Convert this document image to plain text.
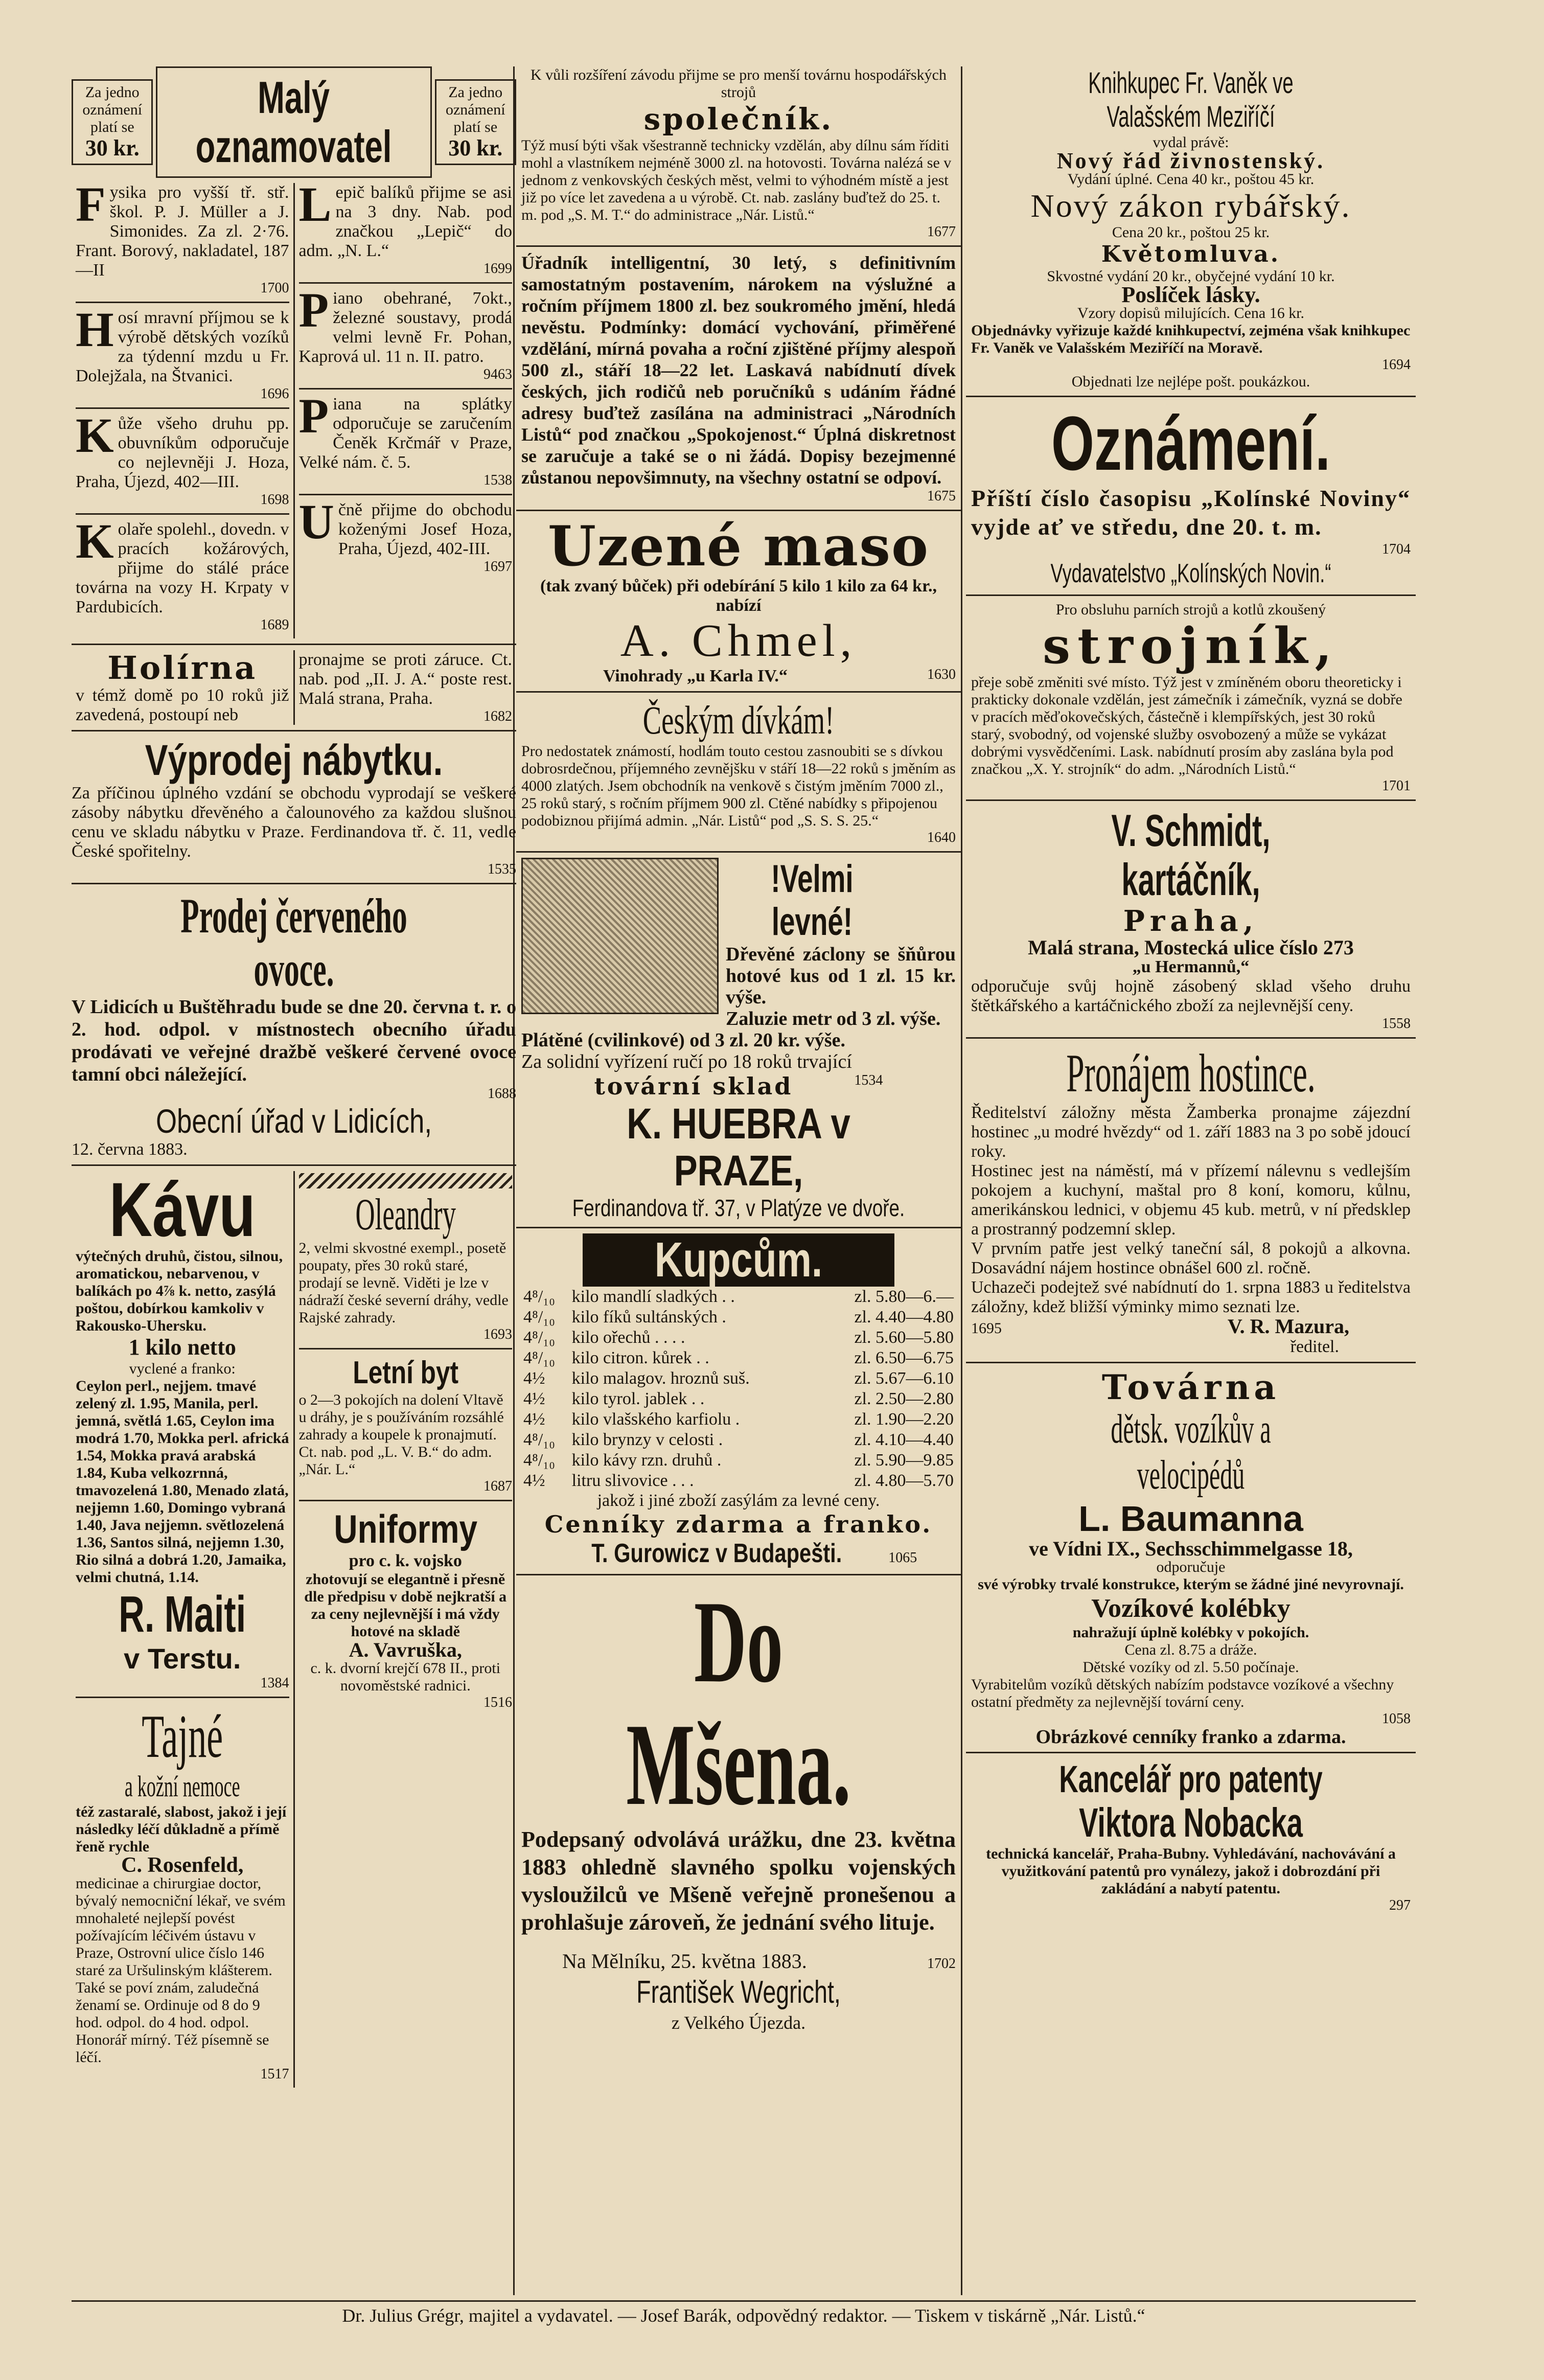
Za jedno oznámení platí se
30 kr.
Malý oznamovatel
Za jedno oznámení platí se
30 kr.
F ysika pro vyšší tř. stř. škol. P. J. Müller a J. Simonides. Za zl. 2·76. Frant. Borový, nakladatel, 187—II

1700

H osí mravní příjmou se k výrobě dětských vozíků za týdenní mzdu u Fr. Dolejžala, na Štvanici.

1696

K ůže všeho druhu pp. obuvníkům odporučuje co nejlevněji J. Hoza, Praha, Újezd, 402—III.

1698

K olaře spolehl., dovedn. v pracích kožárových, přijme do stálé práce továrna na vozy H. Krpaty v Pardubicích.

1689

L epič balíků přijme se asi na 3 dny. Nab. pod značkou „Lepič“ do adm. „N. L.“

1699

P iano obehrané, 7okt., železné soustavy, prodá velmi levně Fr. Pohan, Kaprová ul. 11 n. II. patro.

9463

P iana na splátky odporučuje se zaručením Čeněk Krčmář v Praze, Velké nám. č. 5.

1538

U čně přijme do obchodu koženými Josef Hoza, Praha, Újezd, 402-III.

1697

Holírna

v témž domě po 10 roků již zavedená, postoupí neb

pronajme se proti záruce. Ct. nab. pod „II. J. A.“ poste rest. Malá strana, Praha.

1682

Výprodej nábytku.

Za příčinou úplného vzdání se obchodu vyprodají se veškeré zásoby nábytku dřevěného a čalounového za každou slušnou cenu ve skladu nábytku v Praze. Ferdinandova tř. č. 11, vedle České spořitelny.

1535

Prodej červeného ovoce.

V Lidicích u Buštěhradu bude se dne 20. června t. r. o 2. hod. odpol. v místnostech obecního úřadu prodávati ve veřejné dražbě veškeré červené ovoce tamní obci náležející.

1688

Obecní úřad v Lidicích,

12. června 1883.

Kávu

výtečných druhů, čistou, silnou, aromatickou, nebarvenou, v balíkách po 4⅞ k. netto, zasýlá poštou, dobírkou kamkoliv v Rakousko-Uhersku.

1 kilo netto

vyclené a franko:

Ceylon perl., nejjem. tmavé zelený zl. 1.95, Manila, perl. jemná, světlá 1.65, Ceylon ima modrá 1.70, Mokka perl. africká 1.54, Mokka pravá arabská 1.84, Kuba velkozrnná, tmavozelená 1.80, Menado zlatá, nejjemn 1.60, Domingo vybraná 1.40, Java nejjemn. světlozelená 1.36, Santos silná, nejjemn 1.30, Rio silná a dobrá 1.20, Jamaika, velmi chutná, 1.14.

R. Maiti
v Terstu.

1384

Tajné
a kožní nemoce

též zastaralé, slabost, jakož i její následky léčí důkladně a přímě řeně rychle

C. Rosenfeld,

medicinae a chirurgiae doctor, bývalý nemocniční lékař, ve svém mnohaleté nejlepší povést požívajícím léčivém ústavu v Praze, Ostrovní ulice číslo 146 staré za Uršulinským klášterem. Také se poví znám, zaludečná ženamí se. Ordinuje od 8 do 9 hod. odpol. do 4 hod. odpol. Honorář mírný. Též písemně se léčí.

1517

Oleandry

2, velmi skvostné exempl., posetě poupaty, přes 30 roků staré, prodají se levně. Viděti je lze v nádraží české severní dráhy, vedle Rajské zahrady.

1693

Letní byt

o 2—3 pokojích na dolení Vltavě u dráhy, je s používáním rozsáhlé zahrady a koupele k pronajmutí. Ct. nab. pod „L. V. B.“ do adm. „Nár. L.“

1687

Uniformy

pro c. k. vojsko

zhotovují se elegantně i přesně dle předpisu v době nejkratší a za ceny nejlevnější i má vždy hotové na skladě

A. Vavruška,

c. k. dvorní krejčí 678 II., proti novoměstské radnici.

1516

K vůli rozšíření závodu přijme se pro menší továrnu hospodářských strojů

společník.

Týž musí býti však všestranně technicky vzdělán, aby dílnu sám říditi mohl a vlastníkem nejméně 3000 zl. na hotovosti. Továrna nalézá se v jednom z venkovských českých měst, velmi to výhodném místě a jest již po více let zavedena a u výrobě. Ct. nab. zaslány buďtež do 25. t. m. pod „S. M. T.“ do administrace „Nár. Listů.“

1677

Úřadník intelligentní, 30 letý, s definitivním samostatným postavením, nárokem na výslužné a ročním příjmem 1800 zl. bez soukromého jmění, hledá nevěstu. Podmínky: domácí vychování, přiměřené vzdělání, mírná povaha a roční zjištěné příjmy alespoň 500 zl., stáří 18—22 let. Laskavá nabídnutí dívek českých, jich rodičů neb poručníků s udáním řádné adresy buďtež zasílána na administraci „Národních Listů“ pod značkou „Spokojenost.“ Úplná diskretnost se zaručuje a také se o ni žádá. Dopisy bezejmenné zůstanou nepovšimnuty, na všechny ostatní se odpoví.

1675

Uzené maso

(tak zvaný bůček) při odebírání 5 kilo 1 kilo za 64 kr., nabízí

A. Chmel,

Vinohrady „u Karla IV.“	1630

Českým dívkám!

Pro nedostatek známostí, hodlám touto cestou zasnoubiti se s dívkou dobrosrdečnou, příjemného zevnějšku v stáří 18—22 roků s jměním as 4000 zlatých. Jsem obchodník na venkově s čistým jměním 7000 zl., 25 roků starý, s ročním příjmem 900 zl. Ctěné nabídky s připojenou podobiznou přijímá admin. „Nár. Listů“ pod „S. S. S. 25.“

1640

!Velmi levné!

Dřevěné záclony se šňůrou hotové kus od 1 zl. 15 kr. výše.

Zaluzie metr od 3 zl. výše.

Plátěné (cvilinkové) od 3 zl. 20 kr. výše.

Za solidní vyřízení ručí po 18 roků trvající

tovární sklad	1534

K. HUEBRA v PRAZE,
Ferdinandova tř. 37, v Platýze ve dvoře.
Kupcům.
4⁸/₁₀	kilo mandlí sladkých . .	zl. 5.80—6.—
4⁸/₁₀	kilo fíků sultánských .	zl. 4.40—4.80
4⁸/₁₀	kilo ořechů . . . .	zl. 5.60—5.80
4⁸/₁₀	kilo citron. kůrek . .	zl. 6.50—6.75
4½	kilo malagov. hroznů suš.	zl. 5.67—6.10
4½	kilo tyrol. jablek . .	zl. 2.50—2.80
4½	kilo vlašského karfiolu .	zl. 1.90—2.20
4⁸/₁₀	kilo brynzy v celosti .	zl. 4.10—4.40
4⁸/₁₀	kilo kávy rzn. druhů .	zl. 5.90—9.85
4½	litru slivovice . . .	zl. 4.80—5.70

jakož i jiné zboží zasýlám za levné ceny.

Cenníky zdarma a franko.

T. Gurowicz v Budapešti.	1065
Do Mšena.

Podepsaný odvolává urážku, dne 23. května 1883 ohledně slavného spolku vojenských vysloužilců ve Mšeně veřejně pronešenou a prohlašuje zároveň, že jednání svého lituje.

Na Mělníku, 25. května 1883.	1702

František Wegricht,

z Velkého Újezda.

Knihkupec Fr. Vaněk ve Valašském Meziříčí

vydal právě:

Nový řád živnostenský.

Vydání úplné. Cena 40 kr., poštou 45 kr.

Nový zákon rybářský.

Cena 20 kr., poštou 25 kr.

Květomluva.

Skvostné vydání 20 kr., obyčejné vydání 10 kr.

Poslíček lásky.

Vzory dopisů milujících. Cena 16 kr.

Objednávky vyřizuje každé knihkupectví, zejména však knihkupec Fr. Vaněk ve Valašském Meziříčí na Moravě.

1694

Objednati lze nejlépe pošt. poukázkou.

Oznámení.

Příští číslo časopisu „Kolínské Noviny“ vyjde ať ve středu, dne 20. t. m.

1704

Vydavatelstvo „Kolínských Novin.“

Pro obsluhu parních strojů a kotlů zkoušený

strojník,

přeje sobě změniti své místo. Týž jest v zmíněném oboru theoreticky i prakticky dokonale vzdělán, jest zámečník i zámečník, vyzná se dobře v pracích měďokovečských, částečně i klempířských, jest 30 roků starý, svobodný, od vojenské služby osvobozený a může se vykázat dobrými vysvědčeními. Lask. nabídnutí prosím aby zaslána byla pod značkou „X. Y. strojník“ do adm. „Národních Listů.“

1701

V. Schmidt, kartáčník,

Praha,

Malá strana, Mostecká ulice číslo 273

„u Hermannů,“

odporučuje svůj hojně zásobený sklad všeho druhu štětkářského a kartáčnického zboží za nejlevnější ceny.

1558

Pronájem hostince.

Ředitelství záložny města Žamberka pronajme zájezdní hostinec „u modré hvězdy“ od 1. září 1883 na 3 po sobě jdoucí roky.

Hostinec jest na náměstí, má v přízemí nálevnu s vedlejším pokojem a kuchyní, maštal pro 8 koní, komoru, kůlnu, amerikánskou lednici, v objemu 45 kub. metrů, v ní předsklep a prostranný podzemní sklep.

V prvním patře jest velký taneční sál, 8 pokojů a alkovna. Dosavádní nájem hostince obnášel 600 zl. ročně.

Uchazeči podejtež své nabídnutí do 1. srpna 1883 u ředitelstva záložny, kdež bližší výminky mimo seznati lze.

1695	V. R. Mazura,

ředitel.

Továrna

dětsk. vozíkův a velocipédů

L. Baumanna

ve Vídni IX., Sechsschimmelgasse 18,

odporučuje

své výrobky trvalé konstrukce, kterým se žádné jiné nevyrovnají.

Vozíkové kolébky

nahražují úplně kolébky v pokojích.

Cena zl. 8.75 a dráže.

Dětské vozíky od zl. 5.50 počínaje.

Vyrabitelům vozíků dětských nabízím podstavce vozíkové a všechny ostatní předměty za nejlevnější tovární ceny.

1058

Obrázkové cenníky franko a zdarma.

Kancelář pro patenty
Viktora Nobacka

technická kancelář, Praha-Bubny. Vyhledávání, nachovávání a využitkování patentů pro vynálezy, jakož i dobrozdání při zakládání a nabytí patentu.

297

Dr. Julius Grégr, majitel a vydavatel. — Josef Barák, odpovědný redaktor. — Tiskem v tiskárně „Nár. Listů.“
